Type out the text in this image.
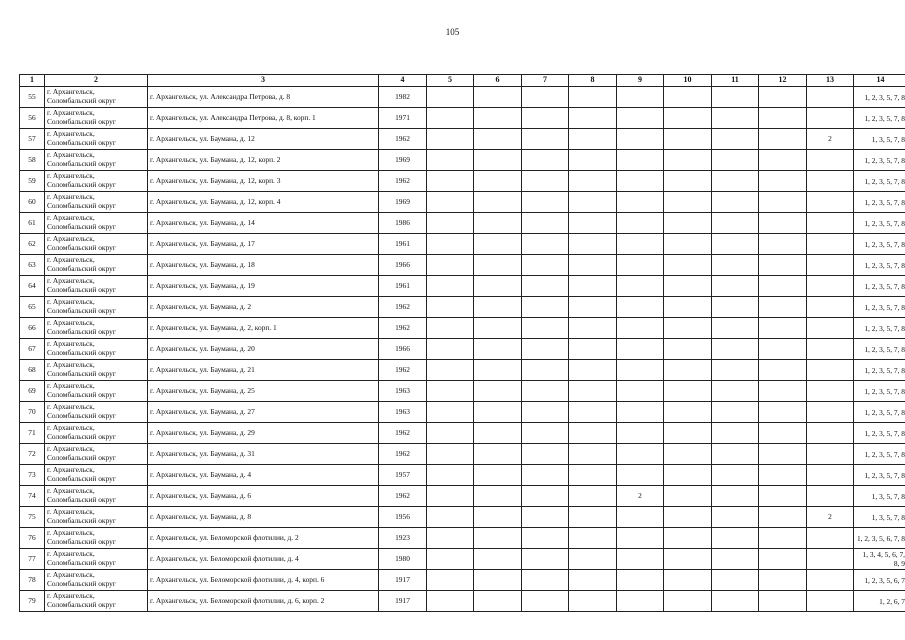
105
1	2	3	4	5	6	7	8	9	10	11	12	13	14
55	г. Архангельск, Соломбальский округ	г. Архангельск, ул. Александра Петрова, д. 8	1982										1, 2, 3, 5, 7, 8
56	г. Архангельск, Соломбальский округ	г. Архангельск, ул. Александра Петрова, д. 8, корп. 1	1971										1, 2, 3, 5, 7, 8
57	г. Архангельск, Соломбальский округ	г. Архангельск, ул. Баумана, д. 12	1962									2	1, 3, 5, 7, 8
58	г. Архангельск, Соломбальский округ	г. Архангельск, ул. Баумана, д. 12, корп. 2	1969										1, 2, 3, 5, 7, 8
59	г. Архангельск, Соломбальский округ	г. Архангельск, ул. Баумана, д. 12, корп. 3	1962										1, 2, 3, 5, 7, 8
60	г. Архангельск, Соломбальский округ	г. Архангельск, ул. Баумана, д. 12, корп. 4	1969										1, 2, 3, 5, 7, 8
61	г. Архангельск, Соломбальский округ	г. Архангельск, ул. Баумана, д. 14	1986										1, 2, 3, 5, 7, 8
62	г. Архангельск, Соломбальский округ	г. Архангельск, ул. Баумана, д. 17	1961										1, 2, 3, 5, 7, 8
63	г. Архангельск, Соломбальский округ	г. Архангельск, ул. Баумана, д. 18	1966										1, 2, 3, 5, 7, 8
64	г. Архангельск, Соломбальский округ	г. Архангельск, ул. Баумана, д. 19	1961										1, 2, 3, 5, 7, 8
65	г. Архангельск, Соломбальский округ	г. Архангельск, ул. Баумана, д. 2	1962										1, 2, 3, 5, 7, 8
66	г. Архангельск, Соломбальский округ	г. Архангельск, ул. Баумана, д. 2, корп. 1	1962										1, 2, 3, 5, 7, 8
67	г. Архангельск, Соломбальский округ	г. Архангельск, ул. Баумана, д. 20	1966										1, 2, 3, 5, 7, 8
68	г. Архангельск, Соломбальский округ	г. Архангельск, ул. Баумана, д. 21	1962										1, 2, 3, 5, 7, 8
69	г. Архангельск, Соломбальский округ	г. Архангельск, ул. Баумана, д. 25	1963										1, 2, 3, 5, 7, 8
70	г. Архангельск, Соломбальский округ	г. Архангельск, ул. Баумана, д. 27	1963										1, 2, 3, 5, 7, 8
71	г. Архангельск, Соломбальский округ	г. Архангельск, ул. Баумана, д. 29	1962										1, 2, 3, 5, 7, 8
72	г. Архангельск, Соломбальский округ	г. Архангельск, ул. Баумана, д. 31	1962										1, 2, 3, 5, 7, 8
73	г. Архангельск, Соломбальский округ	г. Архангельск, ул. Баумана, д. 4	1957										1, 2, 3, 5, 7, 8
74	г. Архангельск, Соломбальский округ	г. Архангельск, ул. Баумана, д. 6	1962					2					1, 3, 5, 7, 8
75	г. Архангельск, Соломбальский округ	г. Архангельск, ул. Баумана, д. 8	1956									2	1, 3, 5, 7, 8
76	г. Архангельск, Соломбальский округ	г. Архангельск, ул. Беломорской флотилии, д. 2	1923										1, 2, 3, 5, 6, 7, 8
77	г. Архангельск, Соломбальский округ	г. Архангельск, ул. Беломорской флотилии, д. 4	1980										1, 3, 4, 5, 6, 7, 8, 9
78	г. Архангельск, Соломбальский округ	г. Архангельск, ул. Беломорской флотилии, д. 4, корп. 6	1917										1, 2, 3, 5, 6, 7
79	г. Архангельск, Соломбальский округ	г. Архангельск, ул. Беломорской флотилии, д. 6, корп. 2	1917										1, 2, 6, 7
